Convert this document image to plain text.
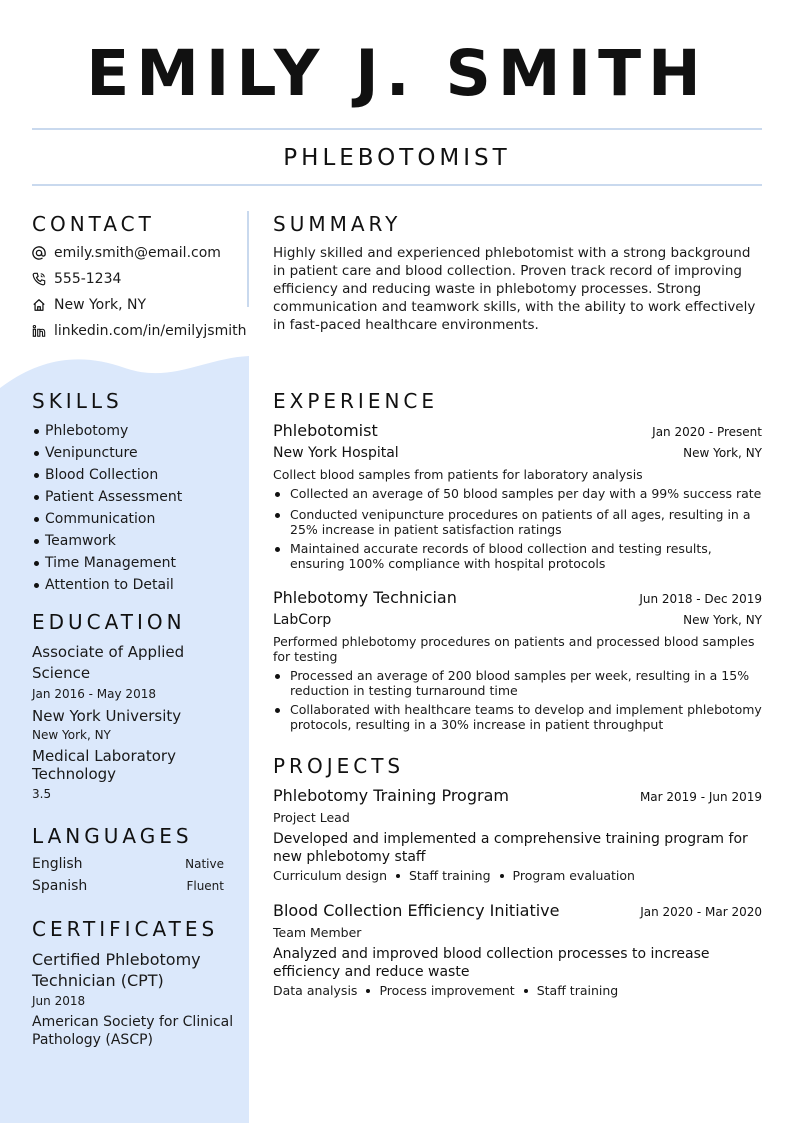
EMILY J. SMITH
PHLEBOTOMIST
CONTACT
emily.smith@email.com
555-1234
New York, NY
linkedin.com/in/emilyjsmith
SKILLS
Phlebotomy
Venipuncture
Blood Collection
Patient Assessment
Communication
Teamwork
Time Management
Attention to Detail
EDUCATION
Associate of Applied Science
Jan 2016 - May 2018
New York University
New York, NY
Medical Laboratory Technology
3.5
LANGUAGES
English	Native
Spanish	Fluent
CERTIFICATES
Certified Phlebotomy Technician (CPT)
Jun 2018
American Society for Clinical Pathology (ASCP)
SUMMARY
Highly skilled and experienced phlebotomist with a strong background in patient care and blood collection. Proven track record of improving efficiency and reducing waste in phlebotomy processes. Strong communication and teamwork skills, with the ability to work effectively in fast-paced healthcare environments.
EXPERIENCE
Phlebotomist	Jan 2020 - Present
New York Hospital	New York, NY
Collect blood samples from patients for laboratory analysis
Collected an average of 50 blood samples per day with a 99% success rate
Conducted venipuncture procedures on patients of all ages, resulting in a 25% increase in patient satisfaction ratings
Maintained accurate records of blood collection and testing results, ensuring 100% compliance with hospital protocols
Phlebotomy Technician	Jun 2018 - Dec 2019
LabCorp	New York, NY
Performed phlebotomy procedures on patients and processed blood samples for testing
Processed an average of 200 blood samples per week, resulting in a 15% reduction in testing turnaround time
Collaborated with healthcare teams to develop and implement phlebotomy protocols, resulting in a 30% increase in patient throughput
PROJECTS
Phlebotomy Training Program	Mar 2019 - Jun 2019
Project Lead
Developed and implemented a comprehensive training program for new phlebotomy staff
Curriculum design Staff training Program evaluation
Blood Collection Efficiency Initiative	Jan 2020 - Mar 2020
Team Member
Analyzed and improved blood collection processes to increase efficiency and reduce waste
Data analysis Process improvement Staff training
